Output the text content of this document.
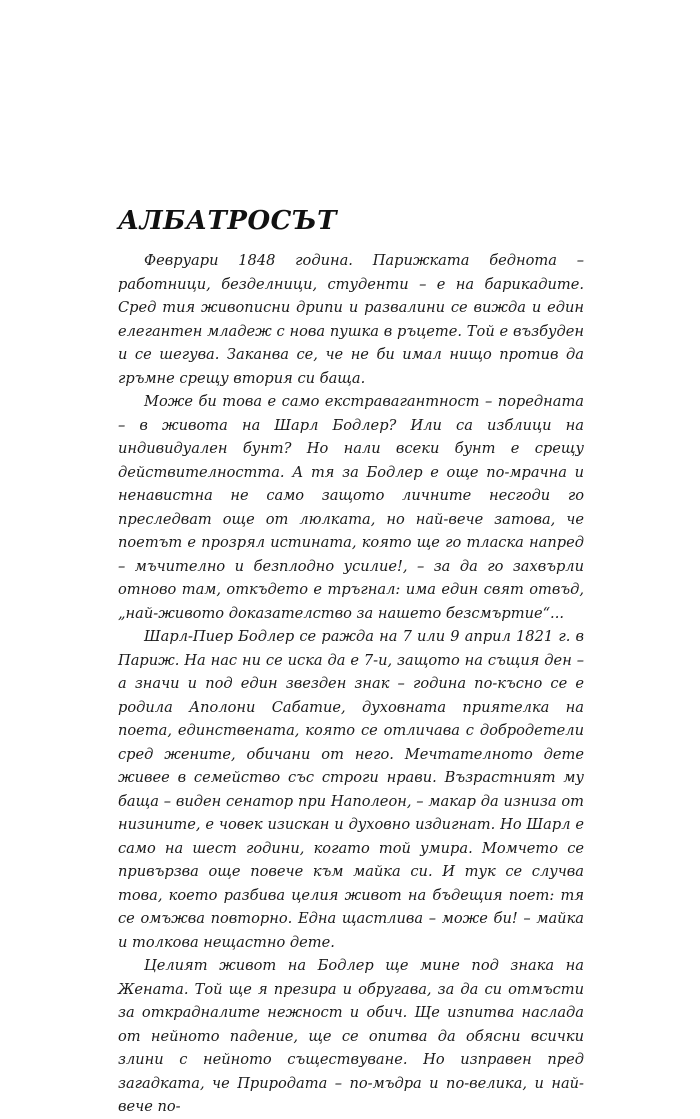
АЛБАТРОСЪТ

Февруари 1848 година. Парижката беднота – работници, безделници, студенти – е на барикадите. Сред тия живописни дрипи и развалини се вижда и един елегантен младеж с нова пушка в ръцете. Той е възбуден и се шегува. Заканва се, че не би имал нищо против да гръмне срещу втория си баща.

Може би това е само екстравагантност – поредната – в живота на Шарл Бодлер? Или са изблици на индивидуален бунт? Но нали всеки бунт е срещу действителността. А тя за Бодлер е още по-мрачна и ненавистна не само защото личните несгоди го преследват още от люлката, но най-вече затова, че поетът е прозрял истината, която ще го тласка напред – мъчително и безплодно усилие!, – за да го захвърли отново там, откъдето е тръгнал: има един свят отвъд, „най-живото доказателство за нашето безсмъртие“...

Шарл-Пиер Бодлер се ражда на 7 или 9 април 1821 г. в Париж. На нас ни се иска да е 7-и, защото на същия ден – а значи и под един звезден знак – година по-късно се е родила Аполони Сабатие, духовната приятелка на поета, единствената, която се отличава с добродетели сред жените, обичани от него. Мечтателното дете живее в семейство със строги нрави. Възрастният му баща – виден сенатор при Наполеон, – макар да изниза от низините, е човек изискан и духовно издигнат. Но Шарл е само на шест години, когато той умира. Момчето се привързва още повече към майка си. И тук се случва това, което разбива целия живот на бъдещия поет: тя се омъжва повторно. Една щастлива – може би! – майка и толкова нещастно дете.

Целият живот на Бодлер ще мине под знака на Жената. Той ще я презира и обругава, за да си отмъсти за открадналите нежност и обич. Ще изпитва наслада от нейното падение, ще се опитва да обясни всички злини с нейното съществуване. Но изправен пред загадката, че Природата – по-мъдра и по-велика, и най-вече по-
